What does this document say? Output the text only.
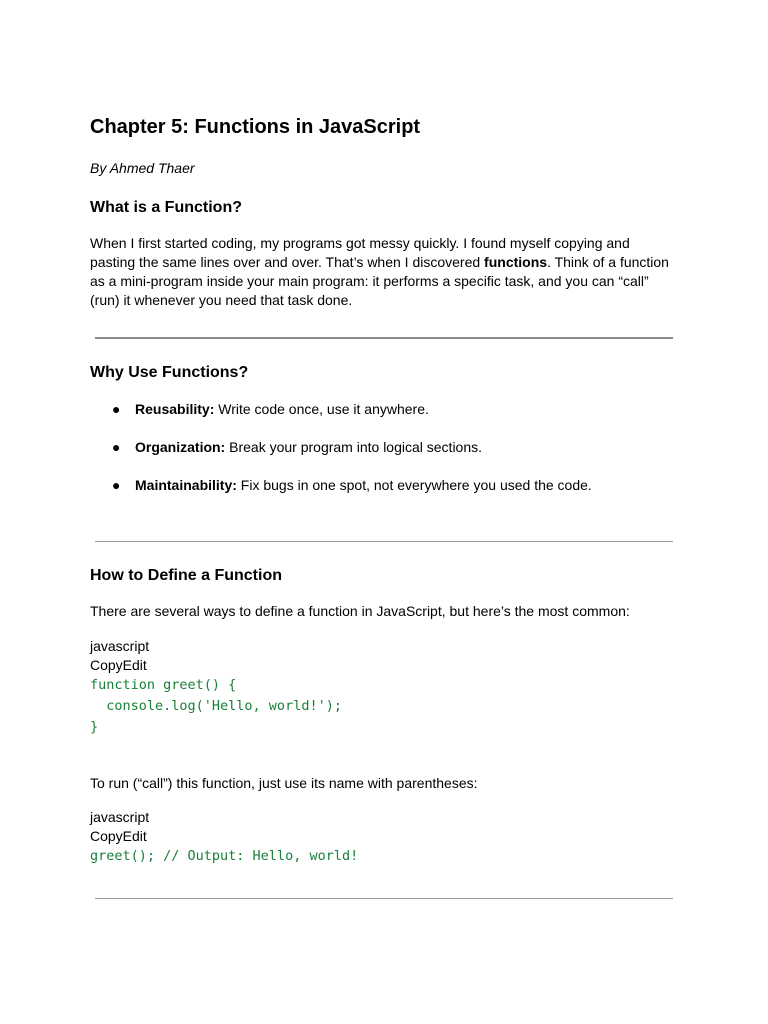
Chapter 5: Functions in JavaScript

By Ahmed Thaer

What is a Function?

When I first started coding, my programs got messy quickly. I found myself copying and pasting the same lines over and over. That’s when I discovered functions. Think of a function as a mini-program inside your main program: it performs a specific task, and you can “call” (run) it whenever you need that task done.

Why Use Functions?
● Reusability: Write code once, use it anywhere.
● Organization: Break your program into logical sections.
● Maintainability: Fix bugs in one spot, not everywhere you used the code.
How to Define a Function

There are several ways to define a function in JavaScript, but here’s the most common:

javascript
CopyEdit
function greet() {
console.log('Hello, world!');
}

To run (“call”) this function, just use its name with parentheses:

javascript
CopyEdit
greet(); // Output: Hello, world!
